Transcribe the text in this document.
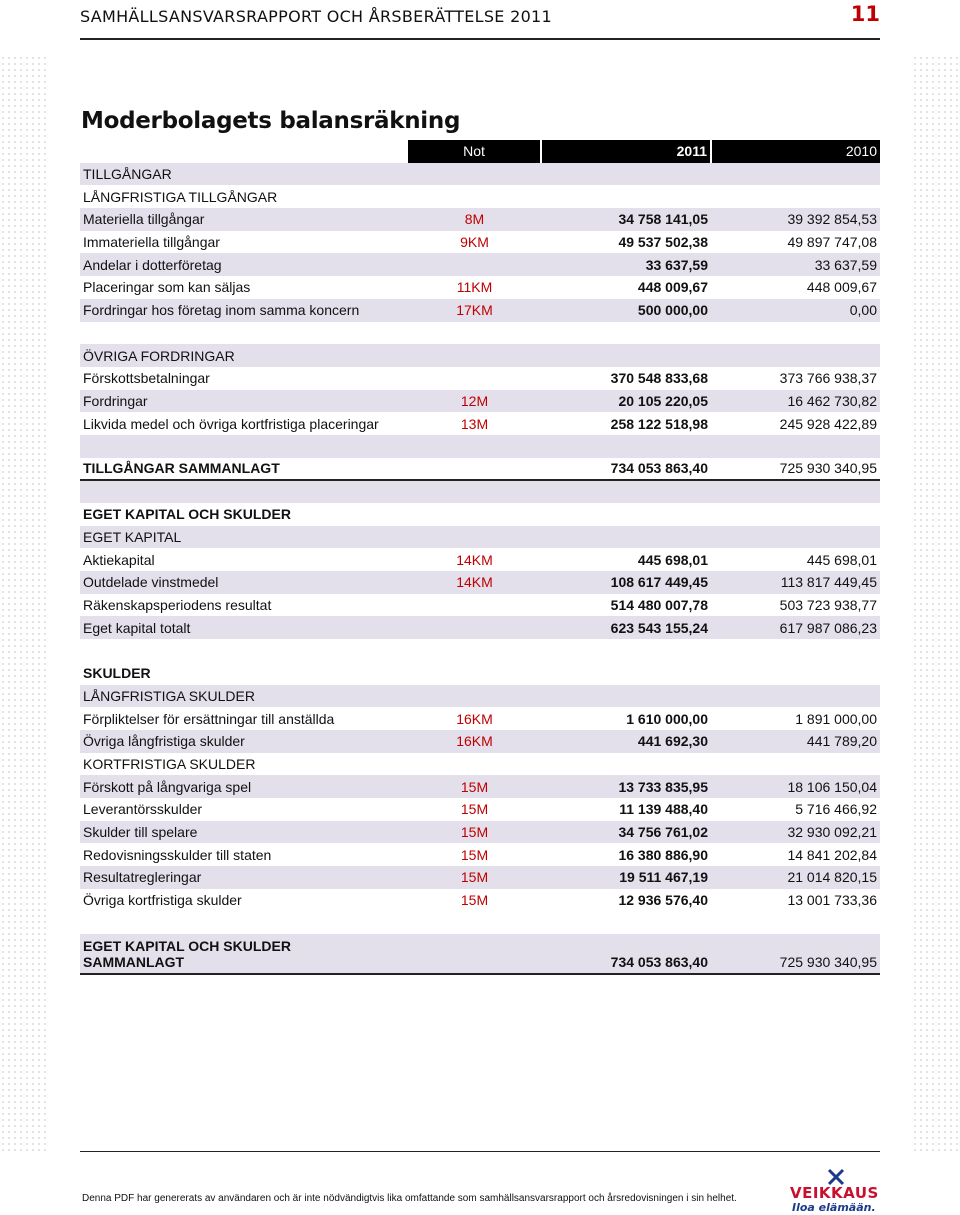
SAMHÄLLSANSVARSRAPPORT OCH ÅRSBERÄTTELSE 2011	11
Moderbolagets balansräkning
	Not	2011	2010
TILLGÅNGAR			
LÅNGFRISTIGA TILLGÅNGAR			
Materiella tillgångar	8M	34 758 141,05	39 392 854,53
Immateriella tillgångar	9KM	49 537 502,38	49 897 747,08
Andelar i dotterföretag		33 637,59	33 637,59
Placeringar som kan säljas	11KM	448 009,67	448 009,67
Fordringar hos företag inom samma koncern	17KM	500 000,00	0,00

ÖVRIGA FORDRINGAR			
Förskottsbetalningar		370 548 833,68	373 766 938,37
Fordringar	12M	20 105 220,05	16 462 730,82
Likvida medel och övriga kortfristiga placeringar	13M	258 122 518,98	245 928 422,89

TILLGÅNGAR SAMMANLAGT		734 053 863,40	725 930 340,95

EGET KAPITAL OCH SKULDER			
EGET KAPITAL			
Aktiekapital	14KM	445 698,01	445 698,01
Outdelade vinstmedel	14KM	108 617 449,45	113 817 449,45
Räkenskapsperiodens resultat		514 480 007,78	503 723 938,77
Eget kapital totalt		623 543 155,24	617 987 086,23

SKULDER			
LÅNGFRISTIGA SKULDER			
Förpliktelser för ersättningar till anställda	16KM	1 610 000,00	1 891 000,00
Övriga långfristiga skulder	16KM	441 692,30	441 789,20
KORTFRISTIGA SKULDER			
Förskott på långvariga spel	15M	13 733 835,95	18 106 150,04
Leverantörsskulder	15M	11 139 488,40	5 716 466,92
Skulder till spelare	15M	34 756 761,02	32 930 092,21
Redovisningsskulder till staten	15M	16 380 886,90	14 841 202,84
Resultatregleringar	15M	19 511 467,19	21 014 820,15
Övriga kortfristiga skulder	15M	12 936 576,40	13 001 733,36

EGET KAPITAL OCH SKULDER
SAMMANLAGT		734 053 863,40	725 930 340,95
Denna PDF har genererats av användaren och är inte nödvändigtvis lika omfattande som samhällsansvarsrapport och årsredovisningen i sin helhet.	VEIKKAUS
Iloa elämään.
